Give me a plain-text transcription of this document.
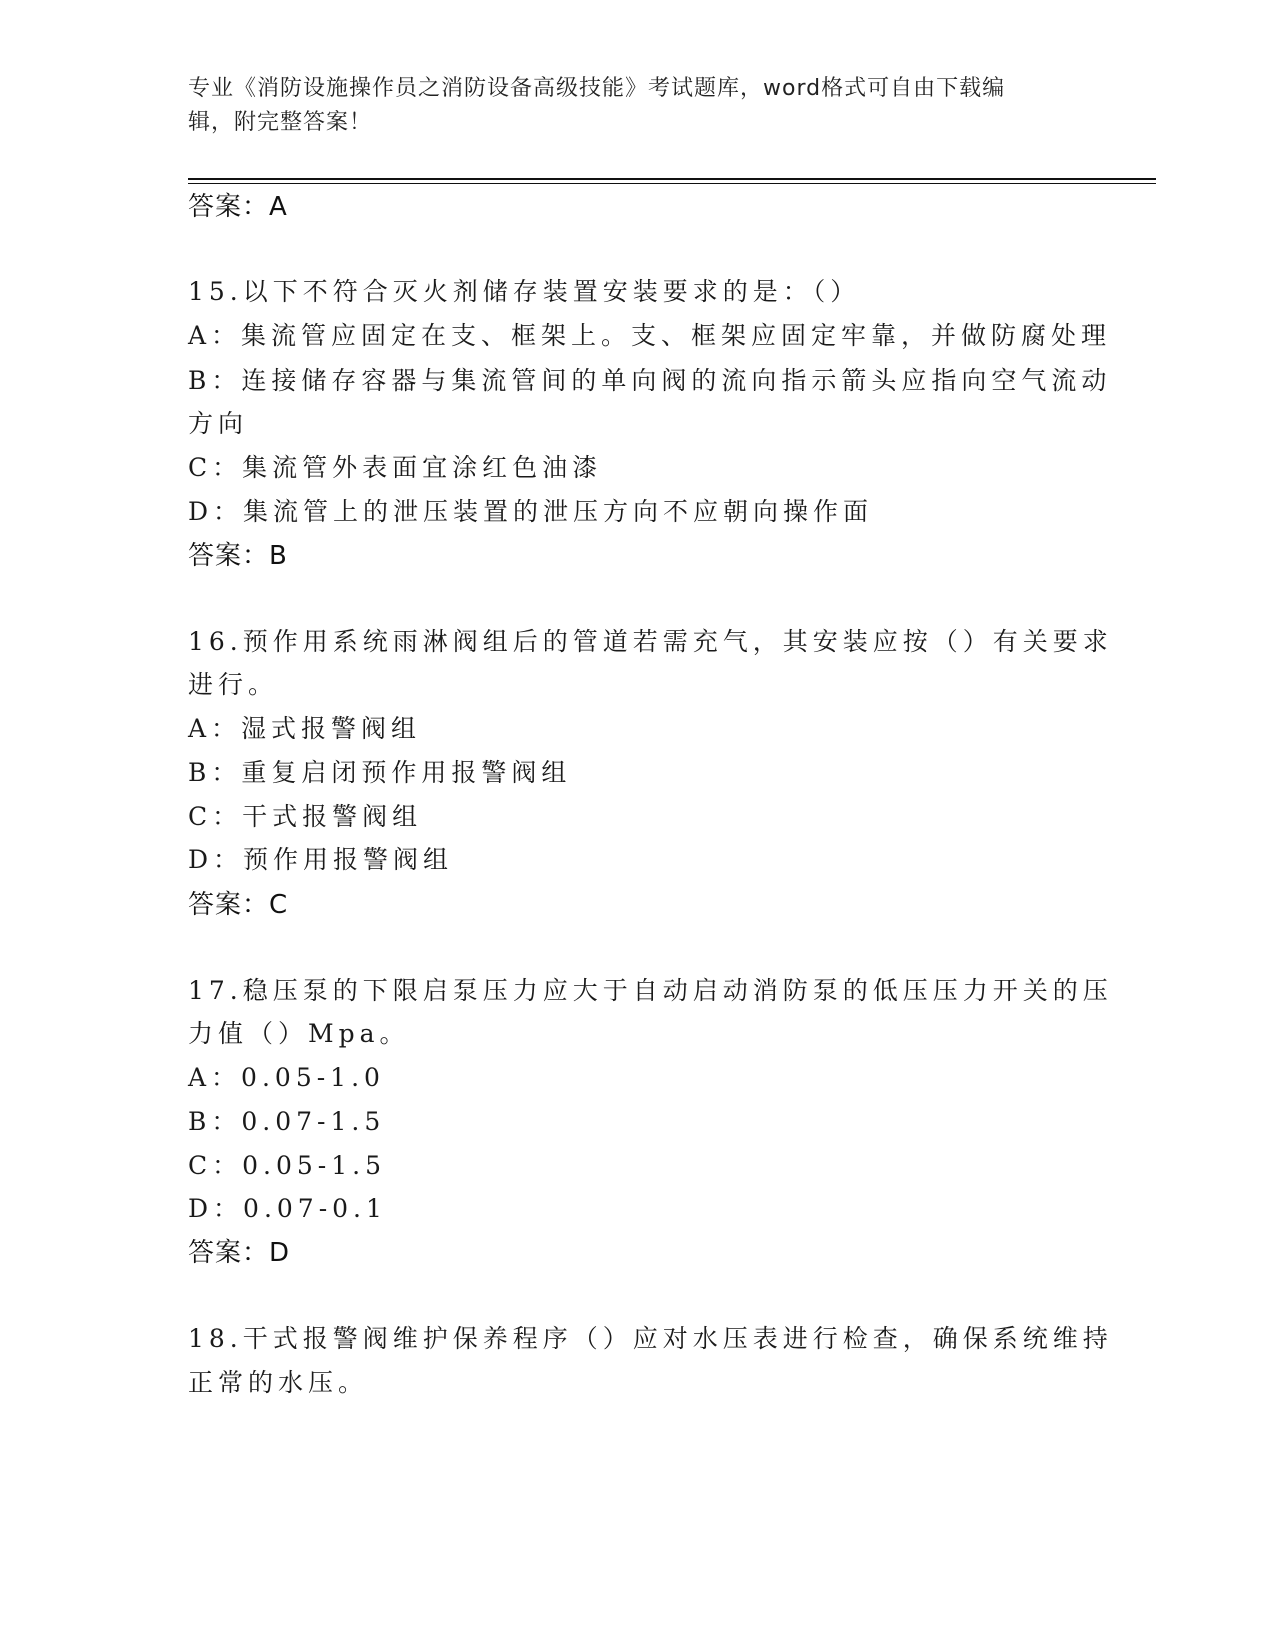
专业《消防设施操作员之消防设备高级技能》考试题库，word格式可自由下载编
辑，附完整答案！
答案：A
15.以下不符合灭火剂储存装置安装要求的是：（）
A：集流管应固定在支、框架上。支、框架应固定牢靠，并做防腐处理
B：连接储存容器与集流管间的单向阀的流向指示箭头应指向空气流动
方向
C：集流管外表面宜涂红色油漆
D：集流管上的泄压装置的泄压方向不应朝向操作面
答案：B
16.预作用系统雨淋阀组后的管道若需充气，其安装应按（）有关要求
进行。
A：湿式报警阀组
B：重复启闭预作用报警阀组
C：干式报警阀组
D：预作用报警阀组
答案：C
17.稳压泵的下限启泵压力应大于自动启动消防泵的低压压力开关的压
力值（）Mpa。
A：0.05-1.0
B：0.07-1.5
C：0.05-1.5
D：0.07-0.1
答案：D
18.干式报警阀维护保养程序（）应对水压表进行检查，确保系统维持
正常的水压。
